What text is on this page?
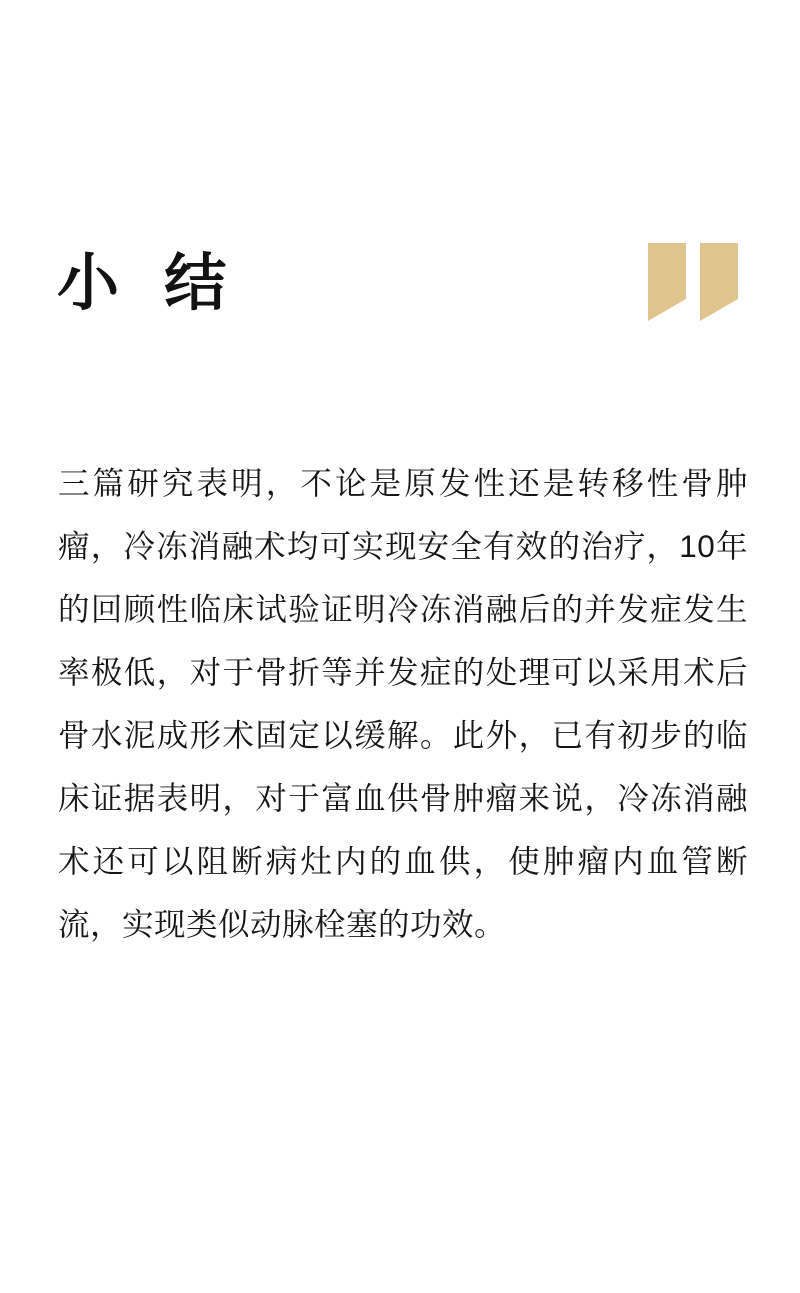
Summary
小 结
三篇研究表明，不论是原发性还是转移性骨肿瘤，冷冻消融术均可实现安全有效的治疗，10年的回顾性临床试验证明冷冻消融后的并发症发生率极低，对于骨折等并发症的处理可以采用术后骨水泥成形术固定以缓解。此外，已有初步的临床证据表明，对于富血供骨肿瘤来说，冷冻消融术还可以阻断病灶内的血供，使肿瘤内血管断流，实现类似动脉栓塞的功效。
